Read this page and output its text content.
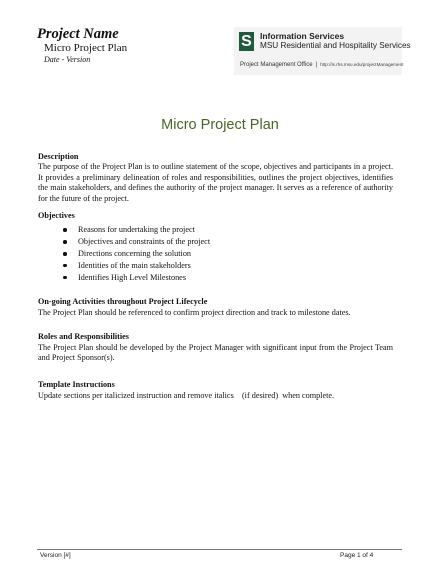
Project Name
Micro Project Plan
Date - Version
S Information Services
MSU Residential and Hospitality Services
Project Management Office | http://is.rhs.msu.edu/projectManagement
Micro Project Plan
Description
The purpose of the Project Plan is to outline statement of the scope, objectives and participants in a project. It provides a preliminary delineation of roles and responsibilities, outlines the project objectives, identifies the main stakeholders, and defines the authority of the project manager. It serves as a reference of authority for the future of the project.
Objectives
Reasons for undertaking the project
Objectives and constraints of the project
Directions concerning the solution
Identities of the main stakeholders
Identifies High Level Milestones
On-going Activities throughout Project Lifecycle
The Project Plan should be referenced to confirm project direction and track to milestone dates.
Roles and Responsibilities
The Project Plan should be developed by the Project Manager with significant input from the Project Team and Project Sponsor(s).
Template Instructions
Update sections per italicized instruction and remove italics (if desired) when complete.
Version [#]	Page 1 of 4
